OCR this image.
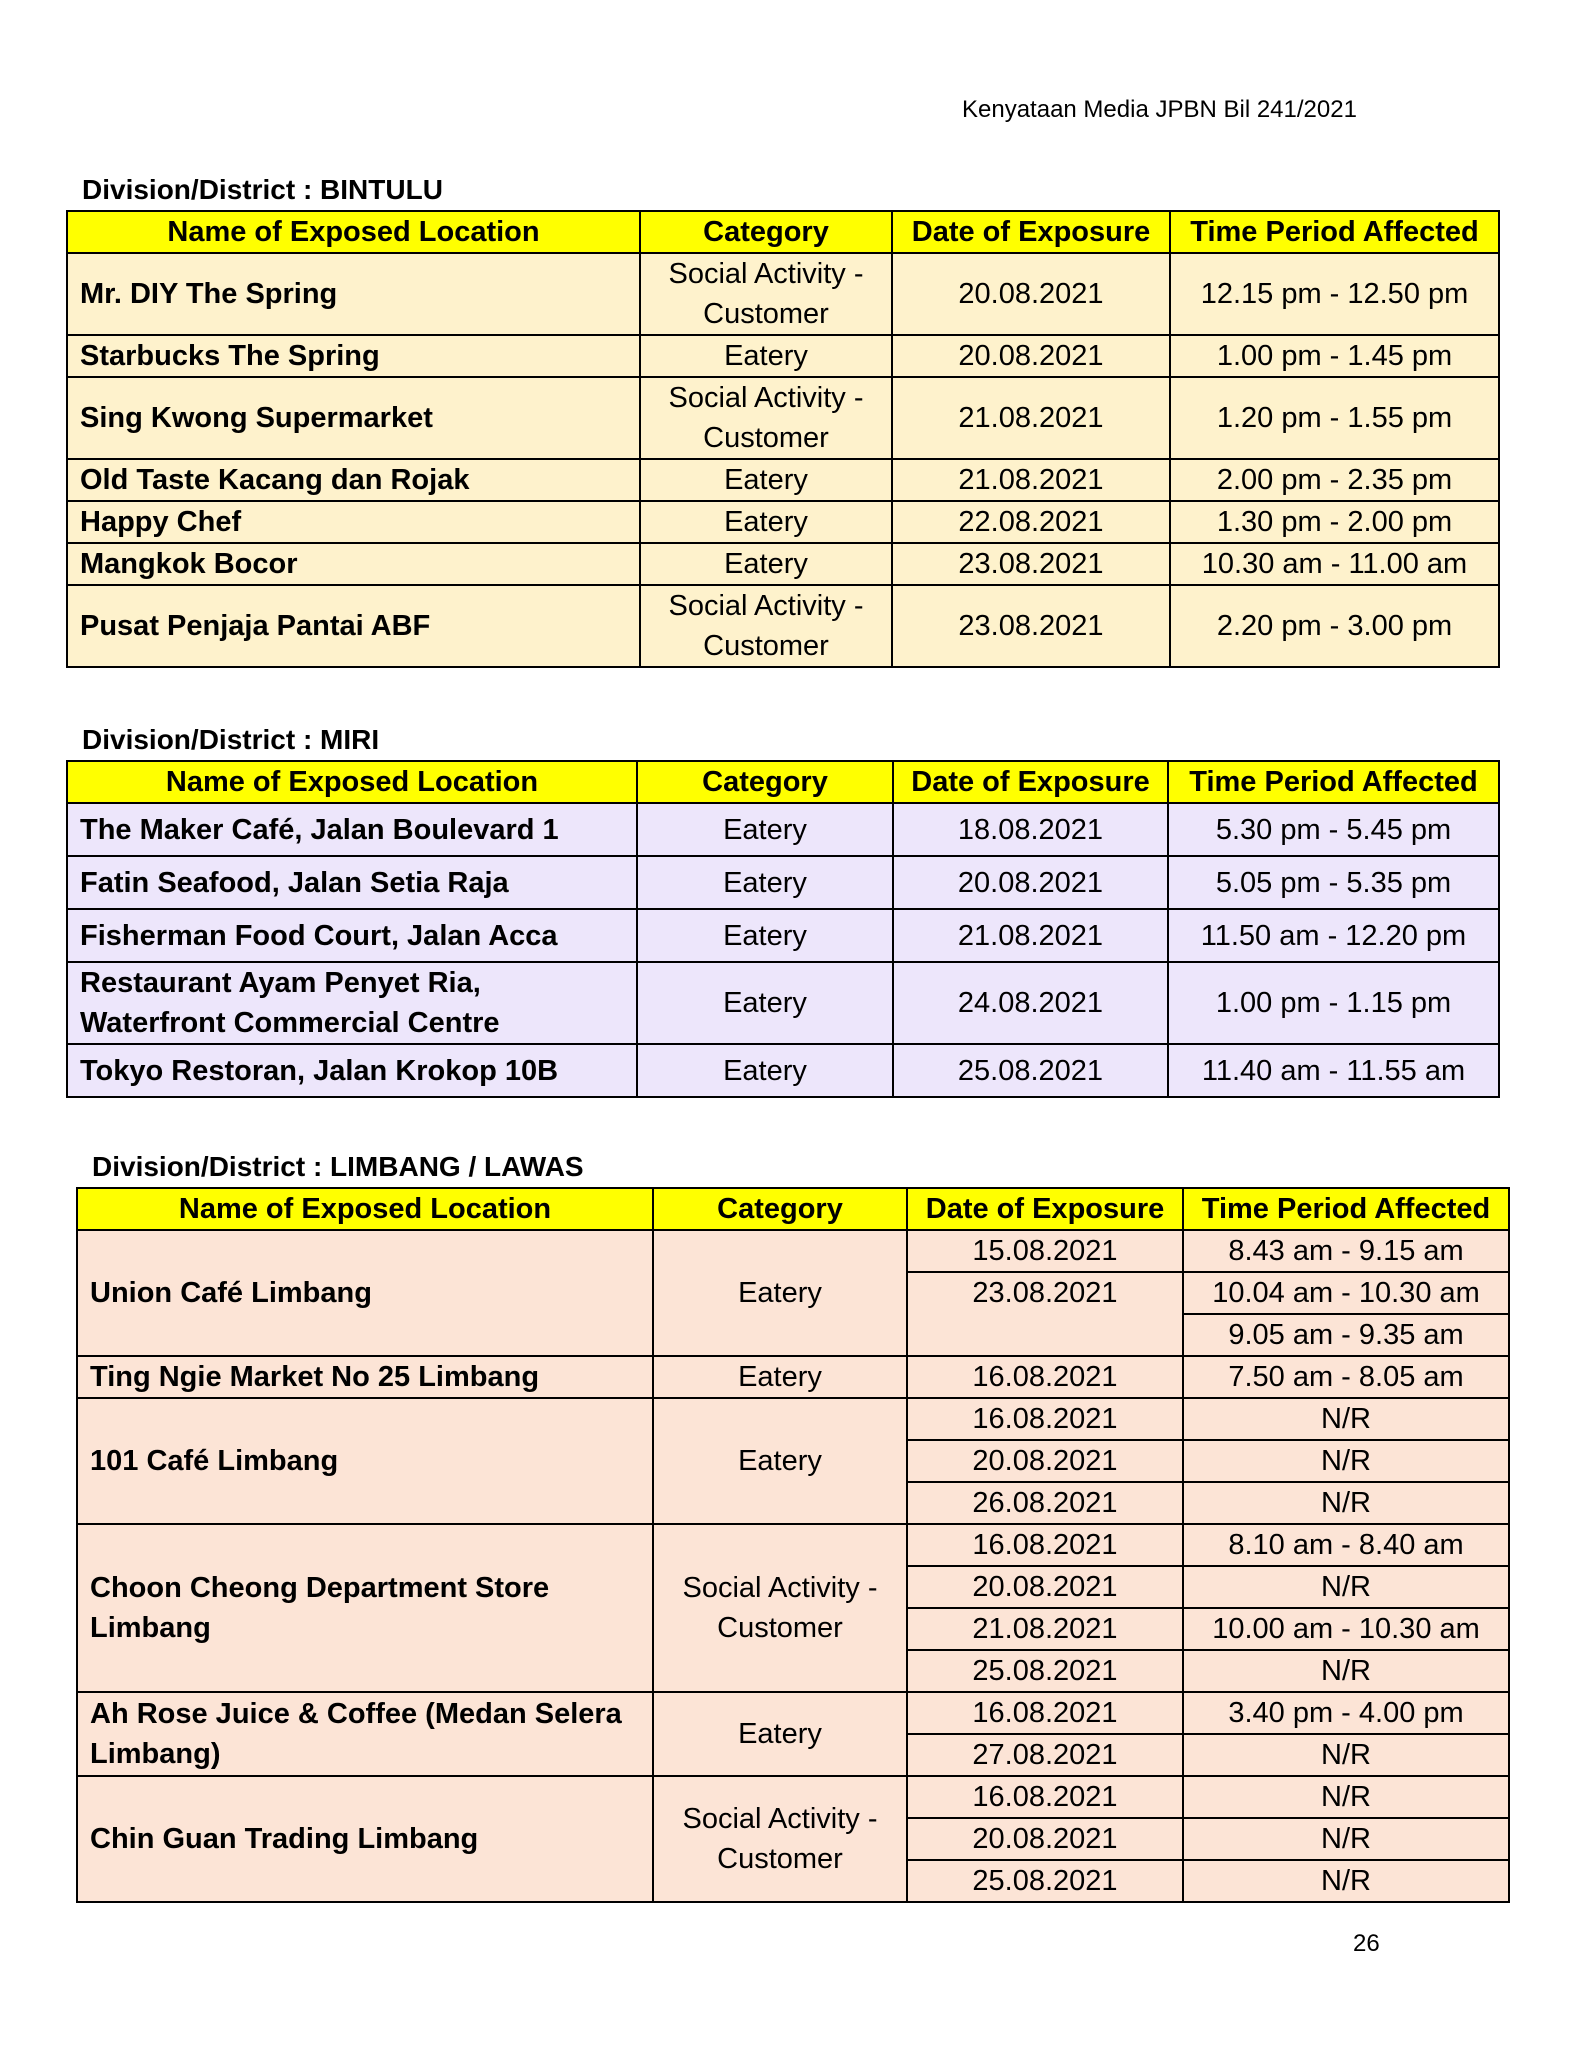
Kenyataan Media JPBN Bil 241/2021
Division/District : BINTULU
Name of Exposed Location	Category	Date of Exposure	Time Period Affected
Mr. DIY The Spring	Social Activity - Customer	20.08.2021	12.15 pm - 12.50 pm
Starbucks The Spring	Eatery	20.08.2021	1.00 pm - 1.45 pm
Sing Kwong Supermarket	Social Activity - Customer	21.08.2021	1.20 pm - 1.55 pm
Old Taste Kacang dan Rojak	Eatery	21.08.2021	2.00 pm - 2.35 pm
Happy Chef	Eatery	22.08.2021	1.30 pm - 2.00 pm
Mangkok Bocor	Eatery	23.08.2021	10.30 am - 11.00 am
Pusat Penjaja Pantai ABF	Social Activity - Customer	23.08.2021	2.20 pm - 3.00 pm
Division/District : MIRI
Name of Exposed Location	Category	Date of Exposure	Time Period Affected
The Maker Café, Jalan Boulevard 1	Eatery	18.08.2021	5.30 pm - 5.45 pm
Fatin Seafood, Jalan Setia Raja	Eatery	20.08.2021	5.05 pm - 5.35 pm
Fisherman Food Court, Jalan Acca	Eatery	21.08.2021	11.50 am - 12.20 pm
Restaurant Ayam Penyet Ria, Waterfront Commercial Centre	Eatery	24.08.2021	1.00 pm - 1.15 pm
Tokyo Restoran, Jalan Krokop 10B	Eatery	25.08.2021	11.40 am - 11.55 am
Division/District : LIMBANG / LAWAS
Name of Exposed Location	Category	Date of Exposure	Time Period Affected
Union Café Limbang	Eatery	15.08.2021	8.43 am - 9.15 am
		23.08.2021	10.04 am - 10.30 am
			9.05 am - 9.35 am
Ting Ngie Market No 25 Limbang	Eatery	16.08.2021	7.50 am - 8.05 am
101 Café Limbang	Eatery	16.08.2021	N/R
		20.08.2021	N/R
		26.08.2021	N/R
Choon Cheong Department Store Limbang	Social Activity - Customer	16.08.2021	8.10 am - 8.40 am
		20.08.2021	N/R
		21.08.2021	10.00 am - 10.30 am
		25.08.2021	N/R
Ah Rose Juice & Coffee (Medan Selera Limbang)	Eatery	16.08.2021	3.40 pm - 4.00 pm
		27.08.2021	N/R
Chin Guan Trading Limbang	Social Activity - Customer	16.08.2021	N/R
		20.08.2021	N/R
		25.08.2021	N/R
26
